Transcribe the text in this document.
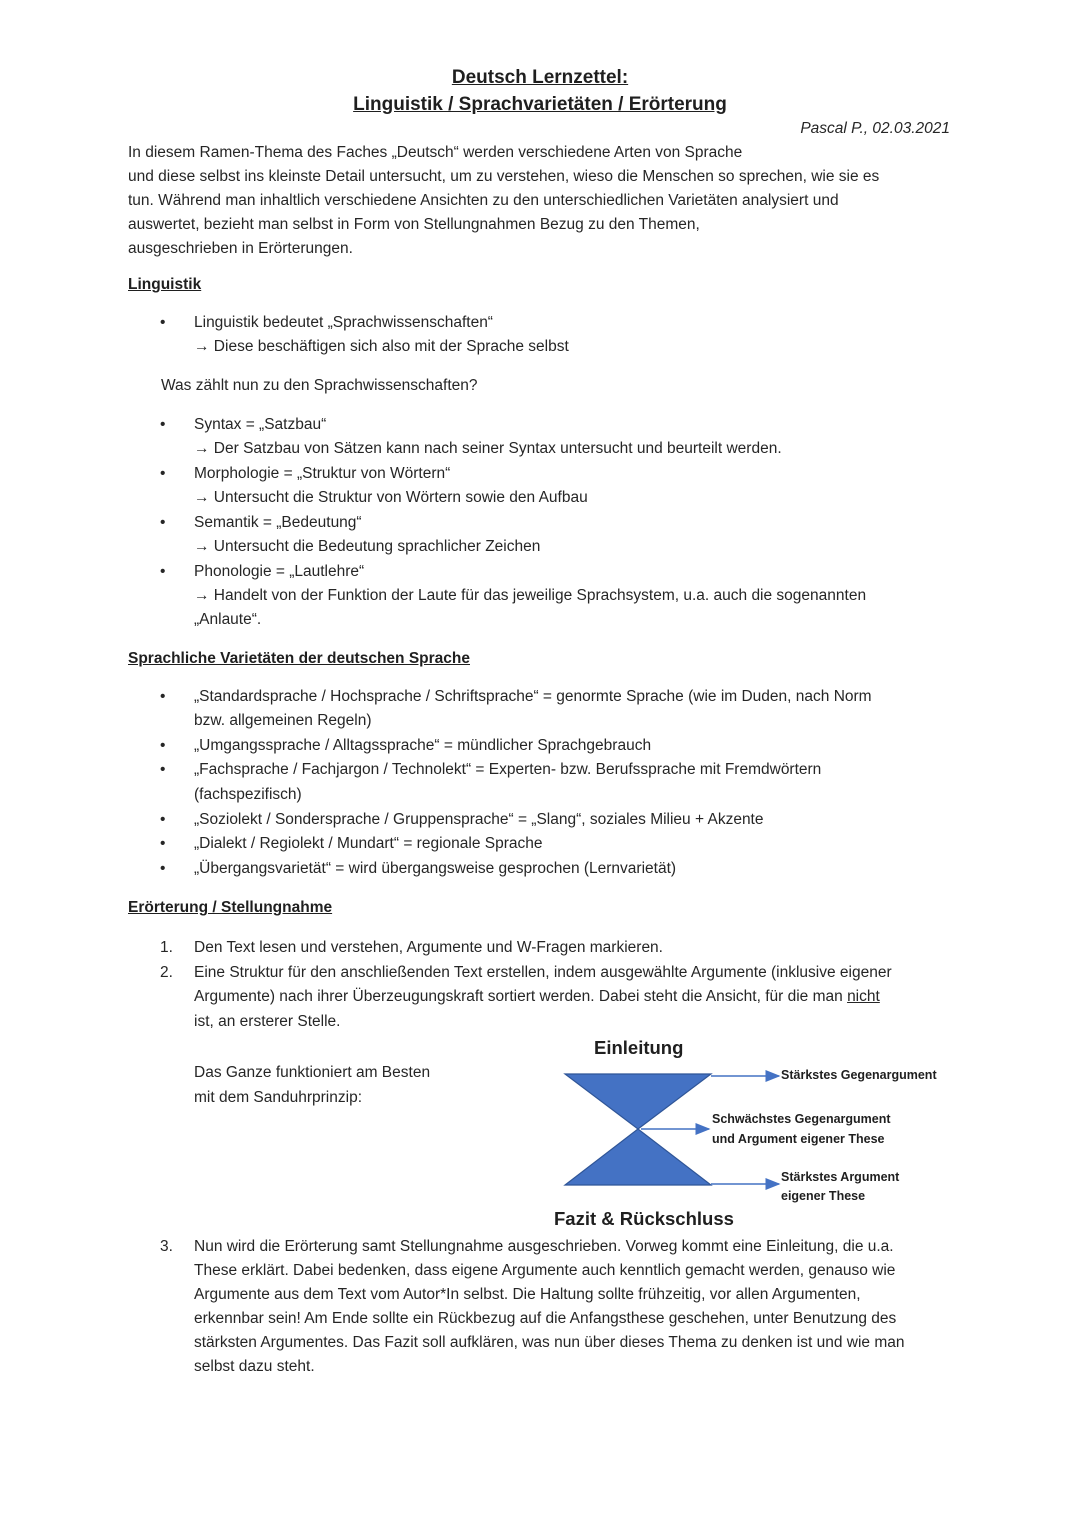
Deutsch Lernzettel:
Linguistik / Sprachvarietäten / Erörterung
Pascal P., 02.03.2021
In diesem Ramen-Thema des Faches „Deutsch“ werden verschiedene Arten von Sprache
und diese selbst ins kleinste Detail untersucht, um zu verstehen, wieso die Menschen so sprechen, wie sie es
tun. Während man inhaltlich verschiedene Ansichten zu den unterschiedlichen Varietäten analysiert und
auswertet, bezieht man selbst in Form von Stellungnahmen Bezug zu den Themen,
ausgeschrieben in Erörterungen.
Linguistik
• Linguistik bedeutet „Sprachwissenschaften“
→ Diese beschäftigen sich also mit der Sprache selbst
Was zählt nun zu den Sprachwissenschaften?
• Syntax = „Satzbau“
→ Der Satzbau von Sätzen kann nach seiner Syntax untersucht und beurteilt werden.
• Morphologie = „Struktur von Wörtern“
→ Untersucht die Struktur von Wörtern sowie den Aufbau
• Semantik = „Bedeutung“
→ Untersucht die Bedeutung sprachlicher Zeichen
• Phonologie = „Lautlehre“
→ Handelt von der Funktion der Laute für das jeweilige Sprachsystem, u.a. auch die sogenannten
„Anlaute“.
Sprachliche Varietäten der deutschen Sprache
• „Standardsprache / Hochsprache / Schriftsprache“ = genormte Sprache (wie im Duden, nach Norm
bzw. allgemeinen Regeln)
• „Umgangssprache / Alltagssprache“ = mündlicher Sprachgebrauch
• „Fachsprache / Fachjargon / Technolekt“ = Experten- bzw. Berufssprache mit Fremdwörtern
(fachspezifisch)
• „Soziolekt / Sondersprache / Gruppensprache“ = „Slang“, soziales Milieu + Akzente
• „Dialekt / Regiolekt / Mundart“ = regionale Sprache
• „Übergangsvarietät“ = wird übergangsweise gesprochen (Lernvarietät)
Erörterung / Stellungnahme
1. Den Text lesen und verstehen, Argumente und W-Fragen markieren.
2. Eine Struktur für den anschließenden Text erstellen, indem ausgewählte Argumente (inklusive eigener
Argumente) nach ihrer Überzeugungskraft sortiert werden. Dabei steht die Ansicht, für die man nicht
ist, an ersterer Stelle.
Das Ganze funktioniert am Besten
mit dem Sanduhrprinzip:
Einleitung
Stärkstes Gegenargument
Schwächstes Gegenargument
und Argument eigener These
Stärkstes Argument
eigener These
Fazit & Rückschluss
3. Nun wird die Erörterung samt Stellungnahme ausgeschrieben. Vorweg kommt eine Einleitung, die u.a.
These erklärt. Dabei bedenken, dass eigene Argumente auch kenntlich gemacht werden, genauso wie
Argumente aus dem Text vom Autor*In selbst. Die Haltung sollte frühzeitig, vor allen Argumenten,
erkennbar sein! Am Ende sollte ein Rückbezug auf die Anfangsthese geschehen, unter Benutzung des
stärksten Argumentes. Das Fazit soll aufklären, was nun über dieses Thema zu denken ist und wie man
selbst dazu steht.
